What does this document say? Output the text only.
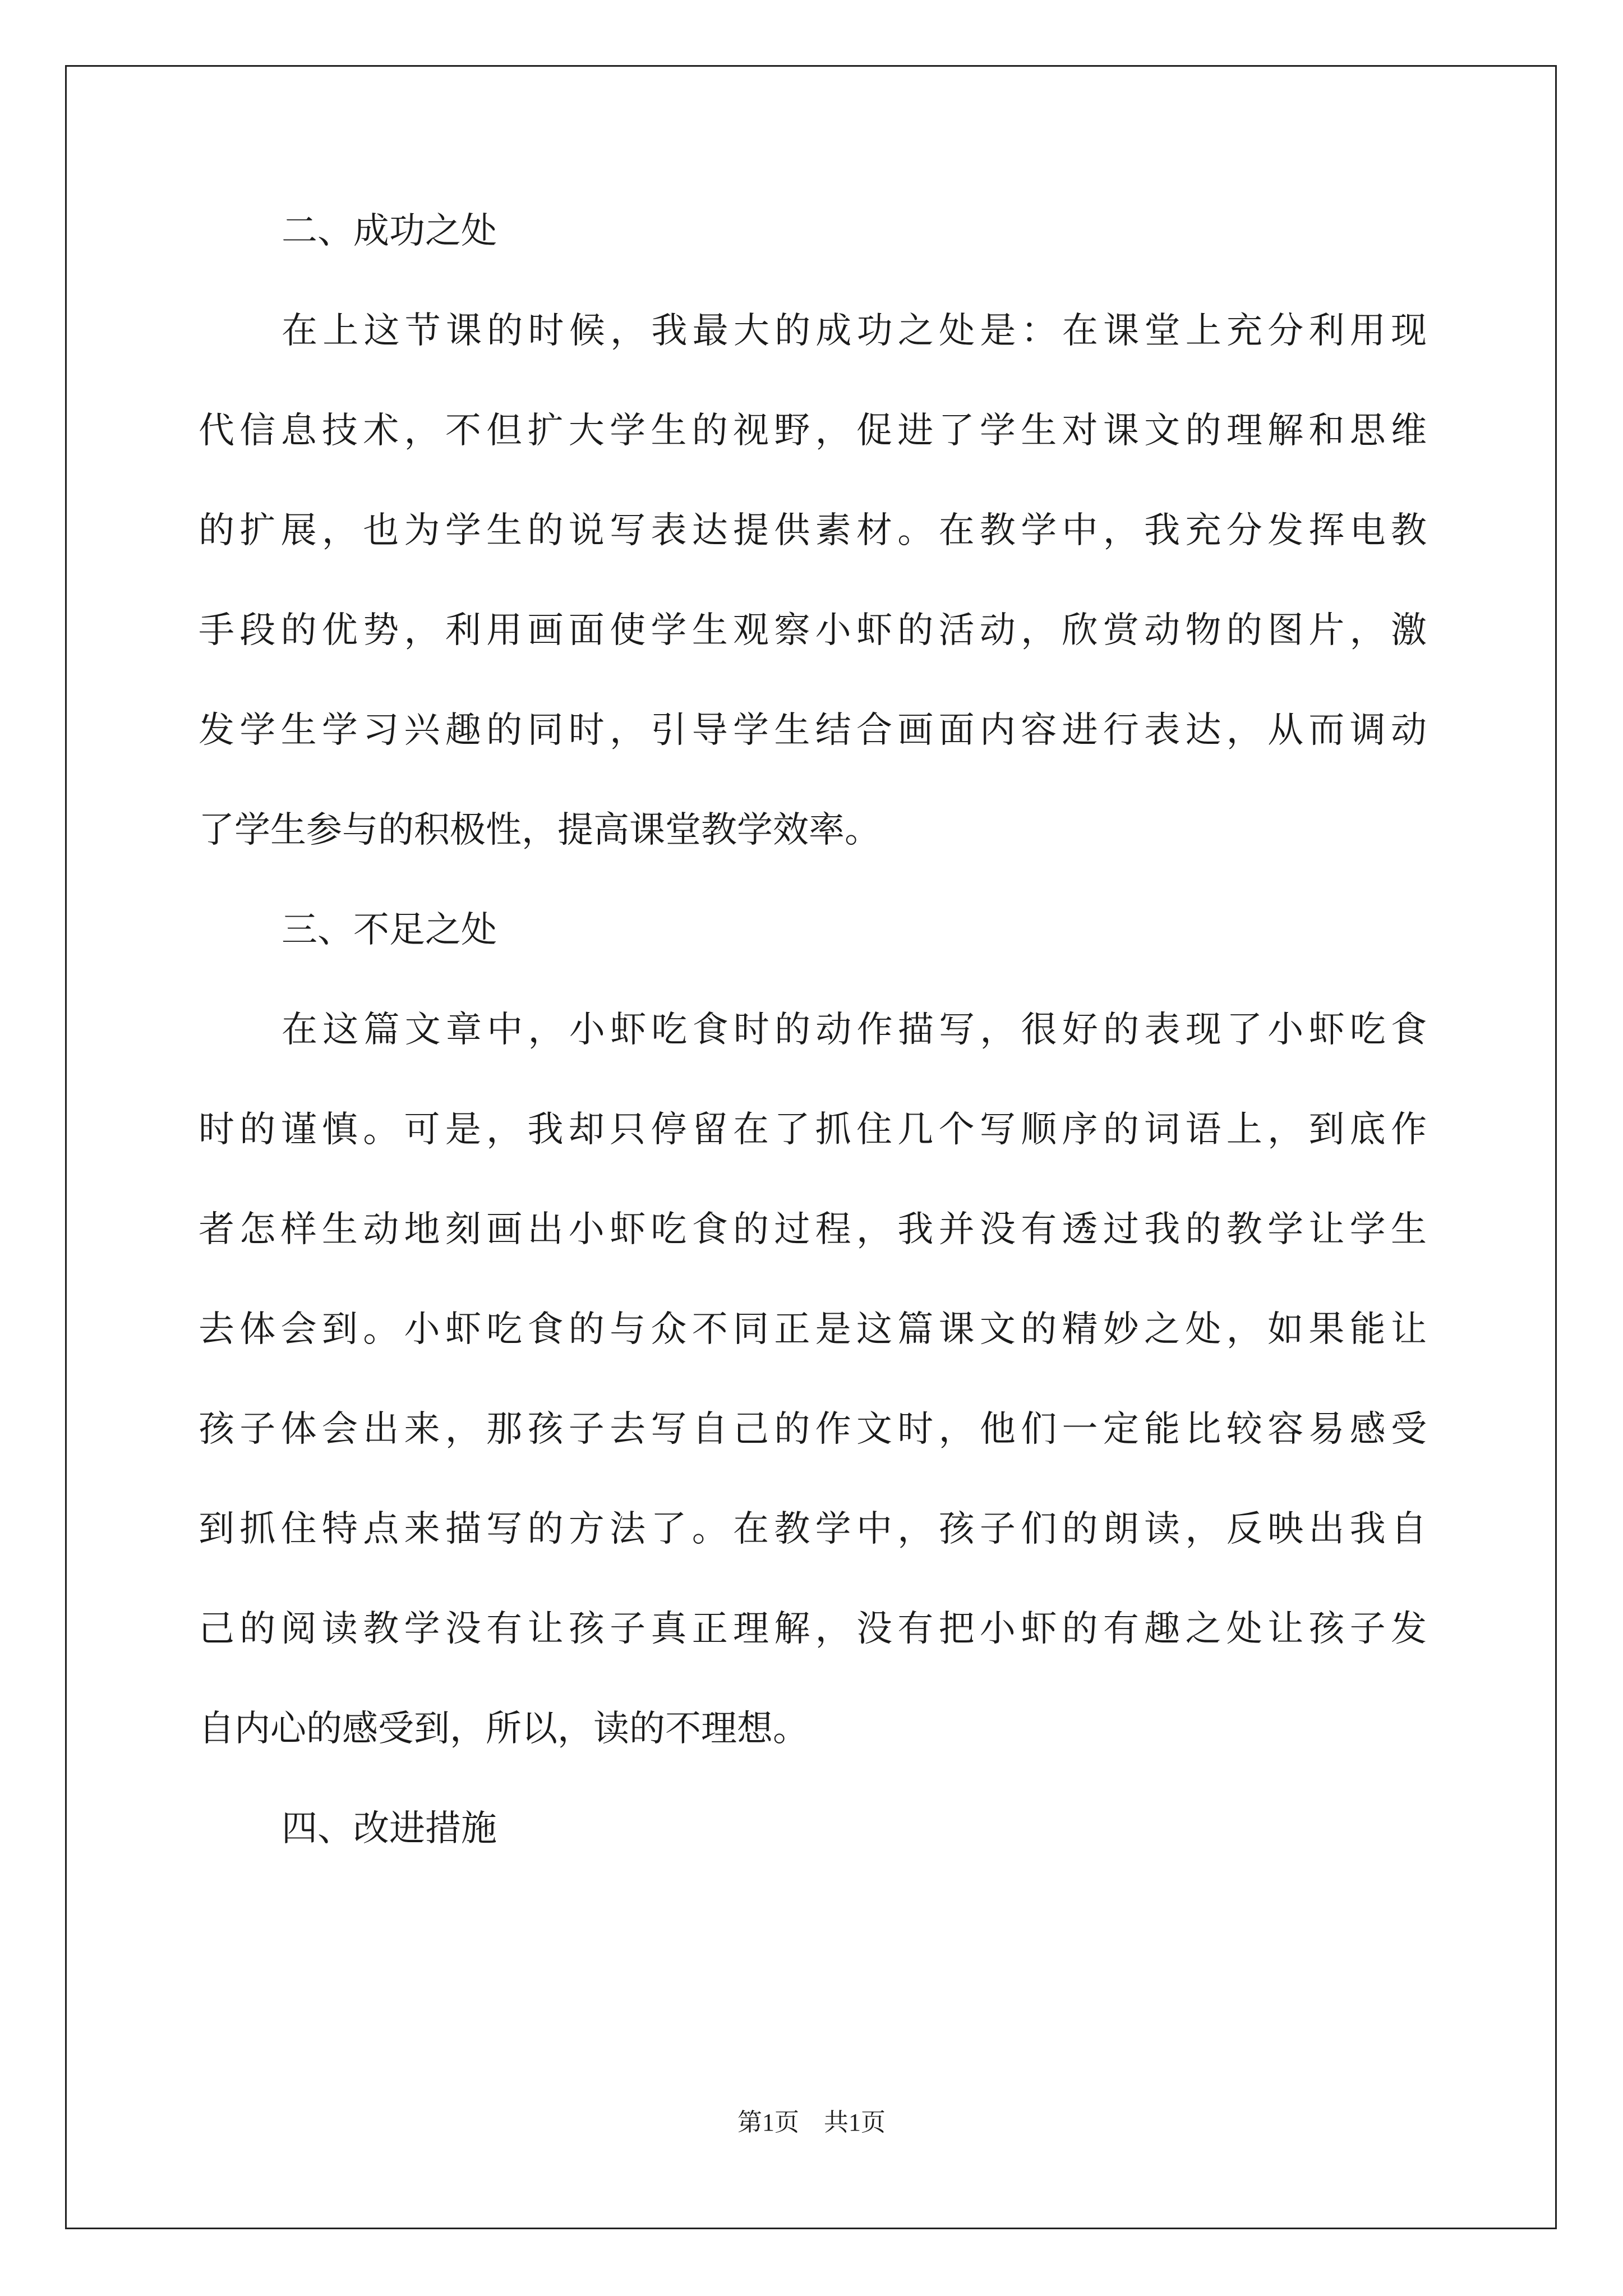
二、成功之处
在上这节课的时候，我最大的成功之处是：在课堂上充分利用现
代信息技术，不但扩大学生的视野，促进了学生对课文的理解和思维
的扩展，也为学生的说写表达提供素材。在教学中，我充分发挥电教
手段的优势，利用画面使学生观察小虾的活动，欣赏动物的图片，激
发学生学习兴趣的同时，引导学生结合画面内容进行表达，从而调动
了学生参与的积极性，提高课堂教学效率。
三、不足之处
在这篇文章中，小虾吃食时的动作描写，很好的表现了小虾吃食
时的谨慎。可是，我却只停留在了抓住几个写顺序的词语上，到底作
者怎样生动地刻画出小虾吃食的过程，我并没有透过我的教学让学生
去体会到。小虾吃食的与众不同正是这篇课文的精妙之处，如果能让
孩子体会出来，那孩子去写自己的作文时，他们一定能比较容易感受
到抓住特点来描写的方法了。在教学中，孩子们的朗读，反映出我自
己的阅读教学没有让孩子真正理解，没有把小虾的有趣之处让孩子发
自内心的感受到，所以，读的不理想。
四、改进措施
第1页　共1页
